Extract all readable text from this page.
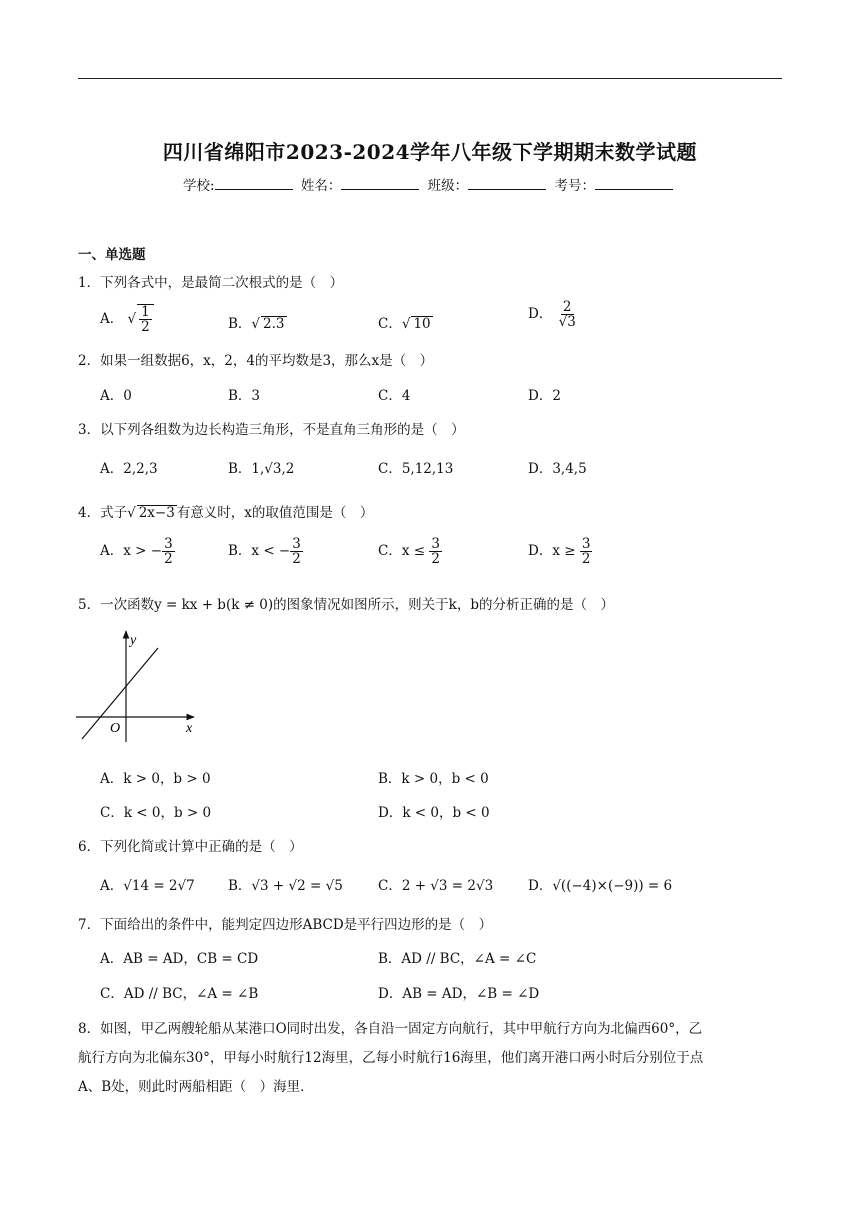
四川省绵阳市2023-2024学年八年级下学期期末数学试题
学校:	姓名：	班级：	考号：
一、单选题
1．下列各式中，是最简二次根式的是（　）
A． √ $\frac{1}{2}$	B．√ 2.3	C．√ 10
D． $\frac{2}{√3}$
2．如果一组数据6，x，2，4的平均数是3，那么x是（　）
A．0	B．3	C．4	D．2
3．以下列各组数为边长构造三角形，不是直角三角形的是（　）
A．2,2,3	B．1,√3,2	C．5,12,13	D．3,4,5
4．式子√ 2x−3 有意义时，x的取值范围是（　）
A．x > − $\frac{3}{2}$	B．x < − $\frac{3}{2}$	C．$x \le \frac{3}{2}$	D．$x \ge \frac{3}{2}$
5．一次函数y = kx + b(k ≠ 0)的图象情况如图所示，则关于k，b的分析正确的是（　）
y
x
O
A．k > 0，b > 0	B．k > 0，b < 0
C．k < 0，b > 0	D．k < 0，b < 0
6．下列化简或计算中正确的是（　）
A．√14 = 2√7 B．√3 + √2 = √5	C．2 + √3 = 2√3	D．√((−4)×(−9)) = 6
7．下面给出的条件中，能判定四边形ABCD是平行四边形的是（　）
A．AB = AD，CB = CD	B．AD // BC，∠A = ∠C
C．AD // BC，∠A = ∠B	D．AB = AD，∠B = ∠D
8．如图，甲乙两艘轮船从某港口O同时出发，各自沿一固定方向航行，其中甲航行方向为北偏西60°，乙
航行方向为北偏东30°，甲每小时航行12海里，乙每小时航行16海里，他们离开港口两小时后分别位于点
A、B处，则此时两船相距（　）海里．
